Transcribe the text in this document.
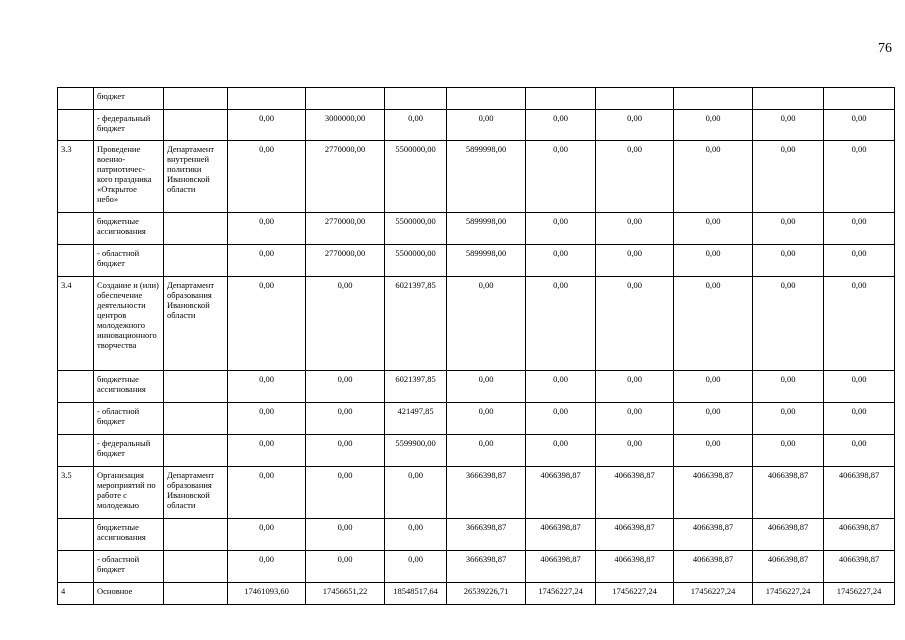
76
	бюджет										
	- федеральный бюджет		0,00	3000000,00	0,00	0,00	0,00	0,00	0,00	0,00	0,00
3.3	Проведение военно-патриотичес-кого праздника «Открытое небо»	Департамент внутренней политики Ивановской области	0,00	2770000,00	5500000,00	5899998,00	0,00	0,00	0,00	0,00	0,00
	бюджетные ассигнования		0,00	2770000,00	5500000,00	5899998,00	0,00	0,00	0,00	0,00	0,00
	- областной бюджет		0,00	2770000,00	5500000,00	5899998,00	0,00	0,00	0,00	0,00	0,00
3.4	Создание и (или) обеспечение деятельности центров молодежного инновационного творчества	Департамент образования Ивановской области	0,00	0,00	6021397,85	0,00	0,00	0,00	0,00	0,00	0,00
	бюджетные ассигнования		0,00	0,00	6021397,85	0,00	0,00	0,00	0,00	0,00	0,00
	- областной бюджет		0,00	0,00	421497,85	0,00	0,00	0,00	0,00	0,00	0,00
	- федеральный бюджет		0,00	0,00	5599900,00	0,00	0,00	0,00	0,00	0,00	0,00
3.5	Организация мероприятий по работе с молодежью	Департамент образования Ивановской области	0,00	0,00	0,00	3666398,87	4066398,87	4066398,87	4066398,87	4066398,87	4066398,87
	бюджетные ассигнования		0,00	0,00	0,00	3666398,87	4066398,87	4066398,87	4066398,87	4066398,87	4066398,87
	- областной бюджет		0,00	0,00	0,00	3666398,87	4066398,87	4066398,87	4066398,87	4066398,87	4066398,87
4	Основное		17461093,60	17456651,22	18548517,64	26539226,71	17456227,24	17456227,24	17456227,24	17456227,24	17456227,24
